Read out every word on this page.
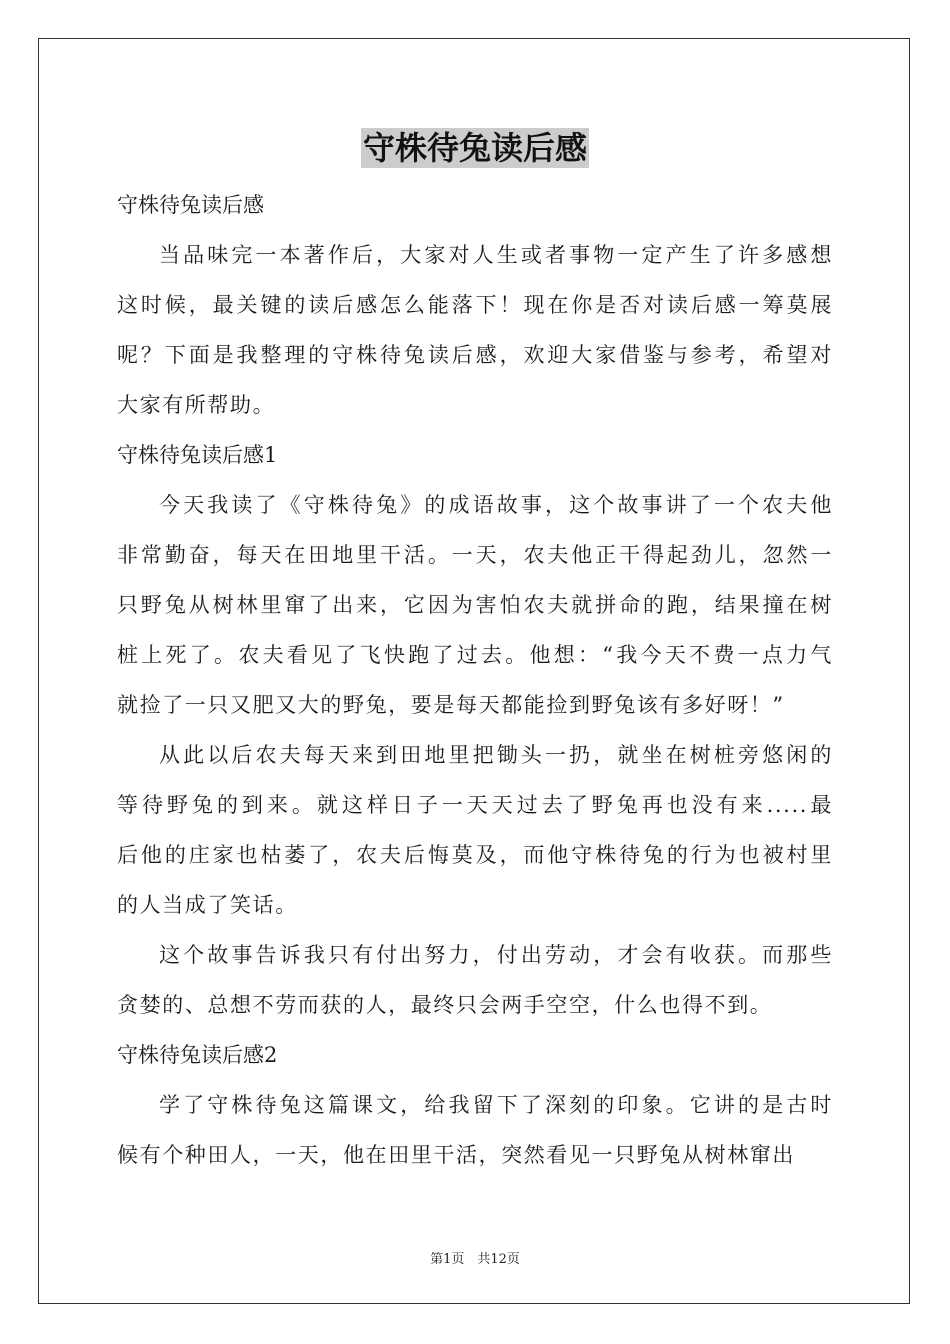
守株待兔读后感
守株待兔读后感
当品味完一本著作后，大家对人生或者事物一定产生了许多感想
这时候，最关键的读后感怎么能落下！现在你是否对读后感一筹莫展
呢？下面是我整理的守株待兔读后感，欢迎大家借鉴与参考，希望对
大家有所帮助。
守株待兔读后感1
今天我读了《守株待兔》的成语故事，这个故事讲了一个农夫他
非常勤奋，每天在田地里干活。一天，农夫他正干得起劲儿，忽然一
只野兔从树林里窜了出来，它因为害怕农夫就拼命的跑，结果撞在树
桩上死了。农夫看见了飞快跑了过去。他想：“我今天不费一点力气
就捡了一只又肥又大的野兔，要是每天都能捡到野兔该有多好呀！”
从此以后农夫每天来到田地里把锄头一扔，就坐在树桩旁悠闲的
等待野兔的到来。就这样日子一天天过去了野兔再也没有来.....最
后他的庄家也枯萎了，农夫后悔莫及，而他守株待兔的行为也被村里
的人当成了笑话。
这个故事告诉我只有付出努力，付出劳动，才会有收获。而那些
贪婪的、总想不劳而获的人，最终只会两手空空，什么也得不到。
守株待兔读后感2
学了守株待兔这篇课文，给我留下了深刻的印象。它讲的是古时
候有个种田人，一天，他在田里干活，突然看见一只野兔从树林窜出
第1页　共12页
